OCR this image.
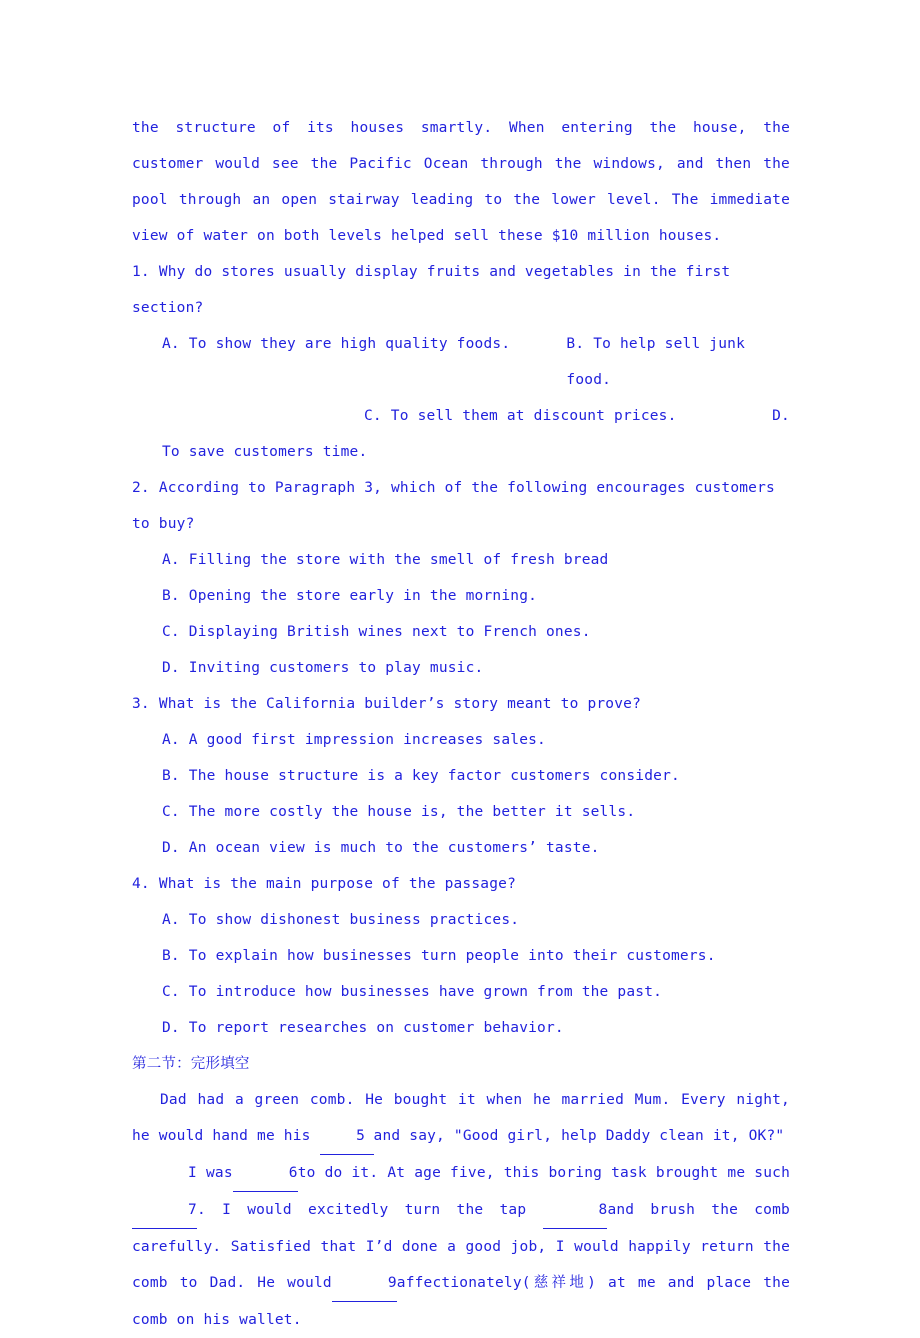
the structure of its houses smartly. When entering the house, the customer would see the Pacific Ocean through the windows, and then the pool through an open stairway leading to the lower level. The immediate view of water on both levels helped sell these $10 million houses.

1. Why do stores usually display fruits and vegetables in the first section?

A. To show they are high quality foods.	B. To help sell junk food.
C. To sell them at discount prices.	D.

To save customers time.

2. According to Paragraph 3, which of the following encourages customers to buy?

A. Filling the store with the smell of fresh bread

B. Opening the store early in the morning.

C. Displaying British wines next to French ones.

D. Inviting customers to play music.

3. What is the California builder’s story meant to prove?

A. A good first impression increases sales.

B. The house structure is a key factor customers consider.

C. The more costly the house is, the better it sells.

D. An ocean view is much to the customers’ taste.

4. What is the main purpose of the passage?

A. To show dishonest business practices.

B. To explain how businesses turn people into their customers.

C. To introduce how businesses have grown from the past.

D. To report researches on customer behavior.

第二节：完形填空

Dad had a green comb. He bought it when he married Mum. Every night, he would hand me his	5 and say, "Good girl, help Daddy clean it, OK?"

I was	6to do it. At age five, this boring task brought me such7. I would excitedly turn the tap	8and brush the comb carefully. Satisfied that I’d done a good job, I would happily return the comb to Dad. He would	9affectionately(慈祥地) at me and place the comb on his wallet.
